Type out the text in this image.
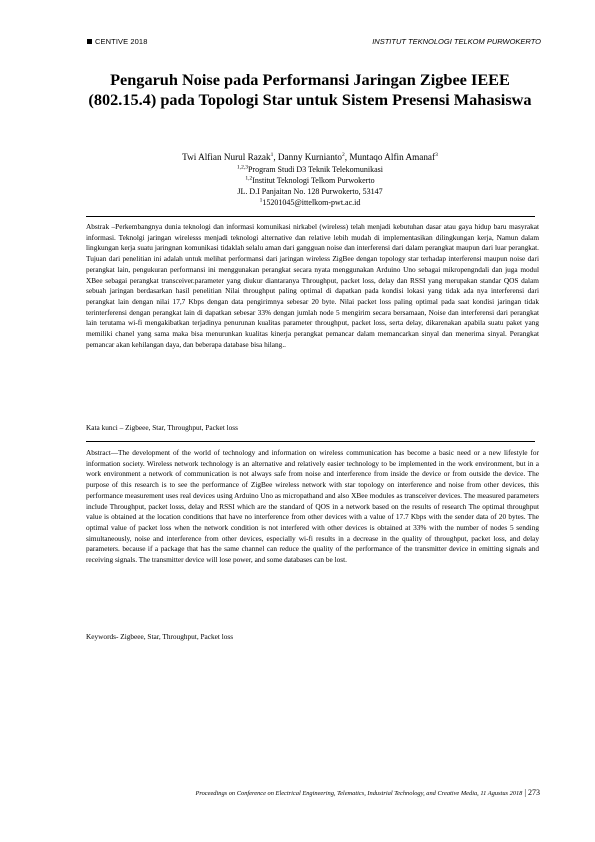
CENTIVE 2018	INSTITUT TEKNOLOGI TELKOM PURWOKERTO
Pengaruh Noise pada Performansi Jaringan Zigbee IEEE (802.15.4) pada Topologi Star untuk Sistem Presensi Mahasiswa
Twi Alfian Nurul Razak$^1$, Danny Kurnianto$^2$, Muntaqo Alfin Amanaf$^3$
$^{1,2,3}$Program Studi D3 Teknik Telekomunikasi
$^{1,2}$Institut Teknologi Telkom Purwokerto
JL. D.I Panjaitan No. 128 Purwokerto, 53147
$^1$15201045@ittelkom-pwt.ac.id
Abstrak –Perkembangnya dunia teknologi dan informasi komunikasi nirkabel (wireless) telah menjadi kebutuhan dasar atau gaya hidup baru masyrakat informasi. Teknolgi jaringan wirelesss menjadi teknologi alternative dan relative lebih mudah di implementasikan dilingkungan kerja, Namun dalam lingkungan kerja suatu jaringnan komunikasi tidaklah selalu aman dari gangguan noise dan interferensi dari dalam perangkat maupun dari luar perangkat. Tujuan dari penelitian ini adalah untuk melihat performansi dari jaringan wireless ZigBee dengan topology star terhadap interferensi maupun noise dari perangkat lain, pengukuran performansi ini menggunakan perangkat secara nyata menggunakan Arduino Uno sebagai mikropengndali dan juga modul XBee sebagai perangkat transceiver.parameter yang diukur diantaranya Throughput, packet loss, delay dan RSSI yang merupakan standar QOS dalam sebuah jaringan berdasarkan hasil penelitian Nilai throughput paling optimal di dapatkan pada kondisi lokasi yang tidak ada nya interferensi dari perangkat lain dengan nilai 17,7 Kbps dengan data pengirimnya sebesar 20 byte. Nilai packet loss paling optimal pada saat kondisi jaringan tidak terinterferensi dengan perangkat lain di dapatkan sebesar 33% dengan jumlah node 5 mengirim secara bersamaan, Noise dan interferensi dari perangkat lain terutama wi-fi mengakibatkan terjadinya penurunan kualitas parameter throughput, packet loss, serta delay, dikarenakan apabila suatu paket yang memiliki chanel yang sama maka bisa menurunkan kualitas kinerja perangkat pemancar dalam memancarkan sinyal dan menerima sinyal. Perangkat pemancar akan kehilangan daya, dan beberapa database bisa hilang..
Kata kunci – Zigbeee, Star, Throughput, Packet loss
Abstract—The development of the world of technology and information on wireless communication has become a basic need or a new lifestyle for information society. Wireless network technology is an alternative and relatively easier technology to be implemented in the work environment, but in a work environment a network of communication is not always safe from noise and interference from inside the device or from outside the device. The purpose of this research is to see the performance of ZigBee wireless network with star topology on interference and noise from other devices, this performance measurement uses real devices using Arduino Uno as micropathand and also XBee modules as transceiver devices. The measured parameters include Throughput, packet losss, delay and RSSI which are the standard of QOS in a network based on the results of research The optimal throughput value is obtained at the location conditions that have no interference from other devices with a value of 17.7 Kbps with the sender data of 20 bytes. The optimal value of packet loss when the network condition is not interfered with other devices is obtained at 33% with the number of nodes 5 sending simultaneously, noise and interference from other devices, especially wi-fi results in a decrease in the quality of throughput, packet loss, and delay parameters. because if a package that has the same channel can reduce the quality of the performance of the transmitter device in emitting signals and receiving signals. The transmitter device will lose power, and some databases can be lost.
Keywords- Zigbeee, Star, Throughput, Packet loss
Proceedings on Conference on Electrical Engineering, Telematics, Industrial Technology, and Creative Media, 11 Agustus 2018 | 273
